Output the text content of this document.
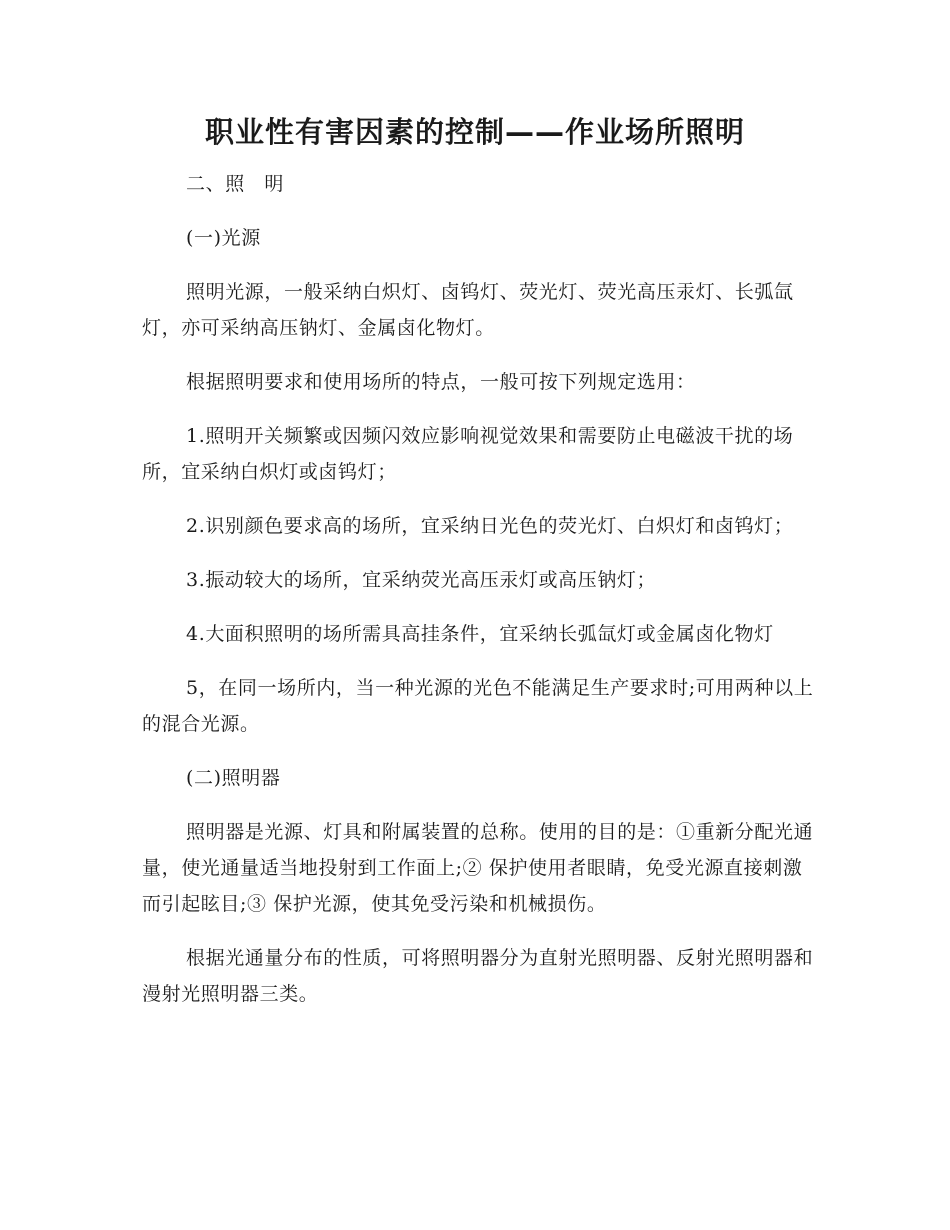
职业性有害因素的控制——作业场所照明

二、照　明

(一)光源

照明光源，一般采纳白炽灯、卤钨灯、荧光灯、荧光高压汞灯、长弧氙灯，亦可采纳高压钠灯、金属卤化物灯。

根据照明要求和使用场所的特点，一般可按下列规定选用：

1.照明开关频繁或因频闪效应影响视觉效果和需要防止电磁波干扰的场所，宜采纳白炽灯或卤钨灯；

2.识别颜色要求高的场所，宜采纳日光色的荧光灯、白炽灯和卤钨灯；

3.振动较大的场所，宜采纳荧光高压汞灯或高压钠灯；

4.大面积照明的场所需具高挂条件，宜采纳长弧氙灯或金属卤化物灯

5，在同一场所内，当一种光源的光色不能满足生产要求时;可用两种以上的混合光源。

(二)照明器

照明器是光源、灯具和附属装置的总称。使用的目的是：①重新分配光通量，使光通量适当地投射到工作面上;② 保护使用者眼睛，免受光源直接刺激而引起眩目;③ 保护光源，使其免受污染和机械损伤。

根据光通量分布的性质，可将照明器分为直射光照明器、反射光照明器和漫射光照明器三类。
